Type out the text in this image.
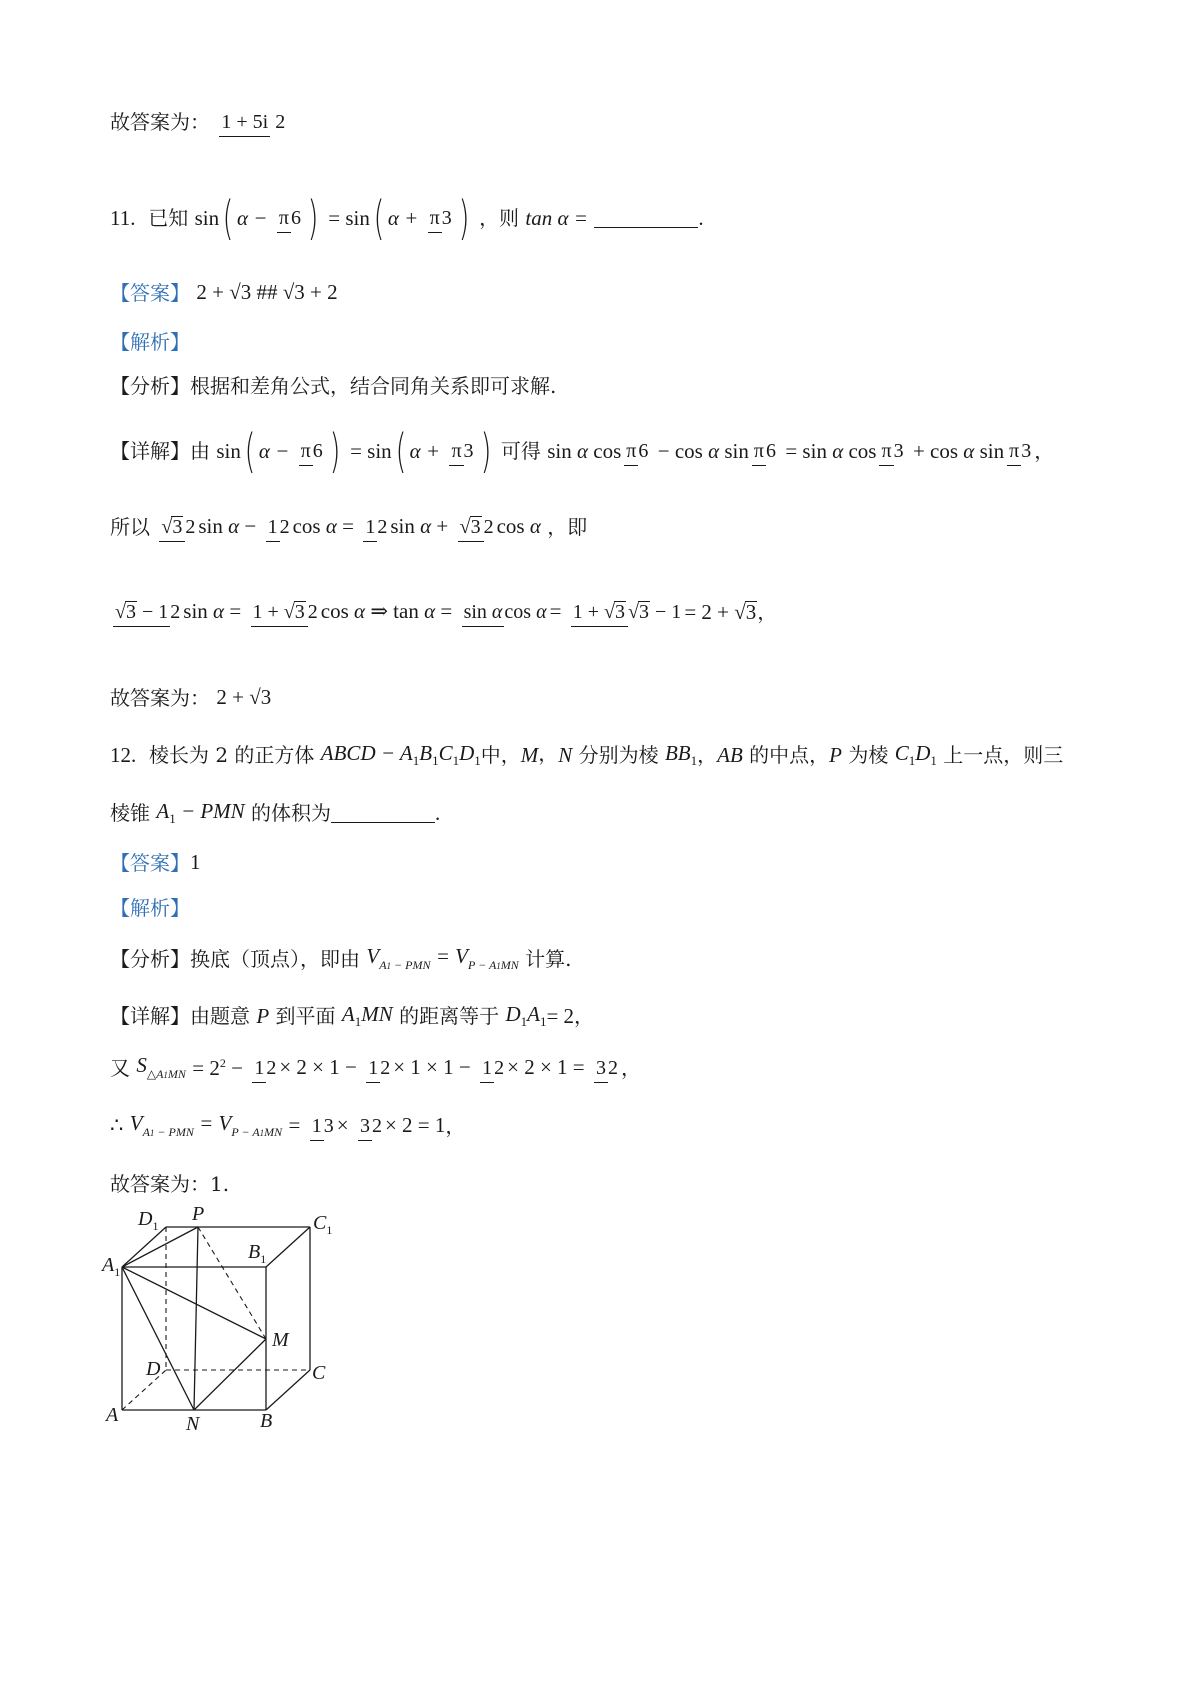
故答案为： 1 + 5i 2
11. 已知 sin( α − π 6 ) = sin( α + π 3 ) ，则 tan α =	.
【答案】 2 + √3 ## √3 + 2
【解析】
【分析】根据和差角公式，结合同角关系即可求解.
【详解】由 sin( α − π 6 ) = sin( α + π 3 ) 可得 sin α cos π 6 − cos α sin π 6 = sin α cos π 3 + cos α sin π 3 ，
所以 √3 2 sin α − 1 2 cos α = 1 2 sin α + √3 2 cos α ，即
√3 − 1 2 sin α = 1 + √3 2 cos α ⇒ tan α = sin α cos α = 1 + √3 √3 − 1 = 2 + √3，
故答案为： 2 + √3
12. 棱长为 2 的正方体 ABCD − $A_1B_1C_1D_1$中，M，N 分别为棱 $BB_1$，AB 的中点，P 为棱 $C_1D_1$ 上一点，则三
棱锥 $A_1$ − PMN 的体积为	.
【答案】1
【解析】
【分析】换底（顶点），即由 $V_{A1 - PMN} = V_{P - A1MN}$ 计算.
【详解】由题意 P 到平面 $A_1MN$ 的距离等于 $D_1A_1= 2$，
又 $S_{\triangle A1MN} = 2^2 - 1$ 2 × 2 × 1 − 1 2 × 1 × 1 − 1 2 × 2 × 1 = 3 2 ，
∴ $V_{A1 - PMN} = V_{P - A1MN} = 1$ 3 × 3 2 × 2 = 1，
故答案为：1.
$D_1$
P	$C_1$
$B_1$
$A_1$
M
D	C
A	N	B
